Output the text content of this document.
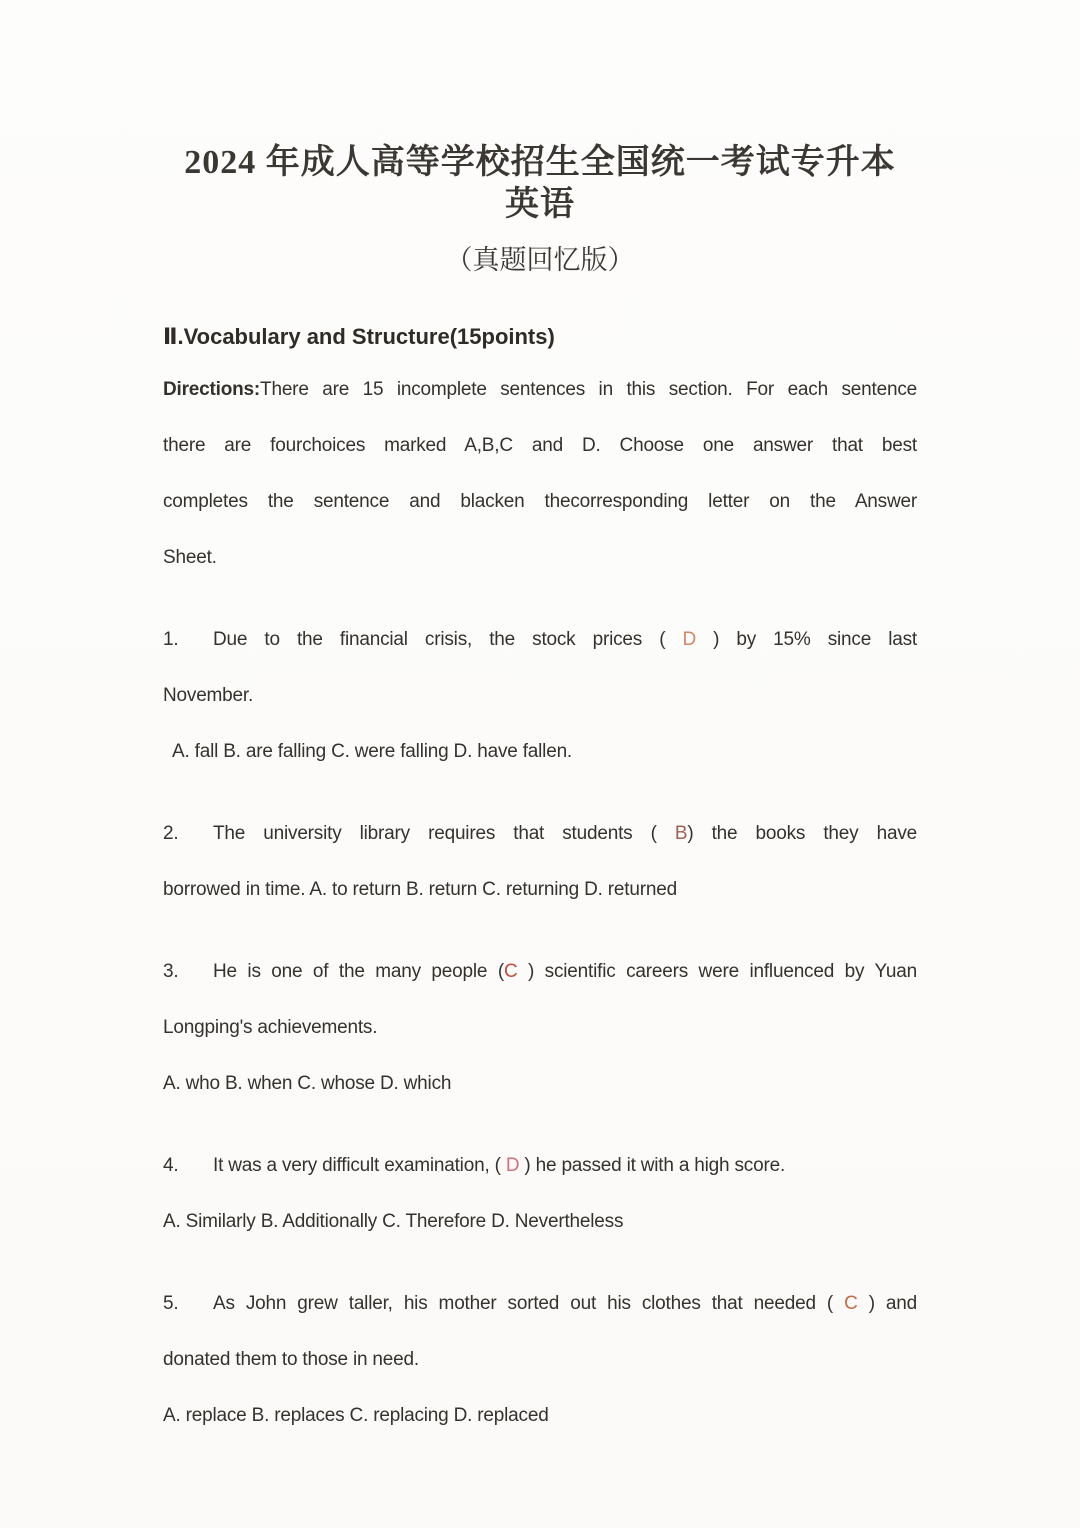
2024 年成人高等学校招生全国统一考试专升本 英语
（真题回忆版）
Ⅱ.Vocabulary and Structure(15points)
Directions:There are 15 incomplete sentences in this section. For each sentence
there are fourchoices marked A,B,C and D. Choose one answer that best
completes the sentence and blacken thecorresponding letter on the Answer
Sheet.
1. Due to the financial crisis, the stock prices ( D ) by 15% since last
November.
A. fall B. are falling C. were falling D. have fallen.
2. The university library requires that students ( B) the books they have
borrowed in time. A. to return B. return C. returning D. returned
3. He is one of the many people (C ) scientific careers were influenced by Yuan
Longping's achievements.
A. who B. when C. whose D. which
4. It was a very difficult examination, ( D ) he passed it with a high score.
A. Similarly B. Additionally C. Therefore D. Nevertheless
5. As John grew taller, his mother sorted out his clothes that needed ( C ) and
donated them to those in need.
A. replace B. replaces C. replacing D. replaced
